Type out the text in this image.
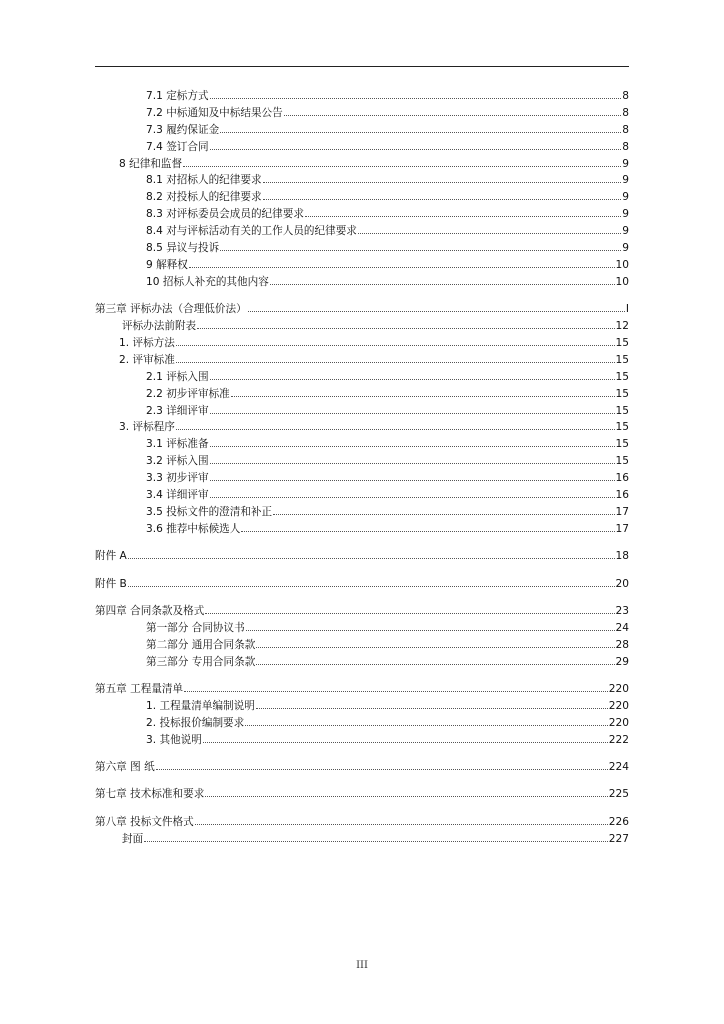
7.1 定标方式	8
7.2 中标通知及中标结果公告	8
7.3 履约保证金	8
7.4 签订合同	8
8 纪律和监督	9
8.1 对招标人的纪律要求	9
8.2 对投标人的纪律要求	9
8.3 对评标委员会成员的纪律要求	9
8.4 对与评标活动有关的工作人员的纪律要求	9
8.5 异议与投诉	9
9 解释权	10
10 招标人补充的其他内容	10
第三章 评标办法（合理低价法）	I
评标办法前附表	12
1. 评标方法	15
2. 评审标准	15
2.1 评标入围	15
2.2 初步评审标准	15
2.3 详细评审	15
3. 评标程序	15
3.1 评标准备	15
3.2 评标入围	15
3.3 初步评审	16
3.4 详细评审	16
3.5 投标文件的澄清和补正	17
3.6 推荐中标候选人	17
附件 A	18
附件 B	20
第四章 合同条款及格式	23
第一部分 合同协议书	24
第二部分 通用合同条款	28
第三部分 专用合同条款	29
第五章 工程量清单	220
1. 工程量清单编制说明	220
2. 投标报价编制要求	220
3. 其他说明	222
第六章 图 纸	224
第七章 技术标准和要求	225
第八章 投标文件格式	226
封面	227
III
